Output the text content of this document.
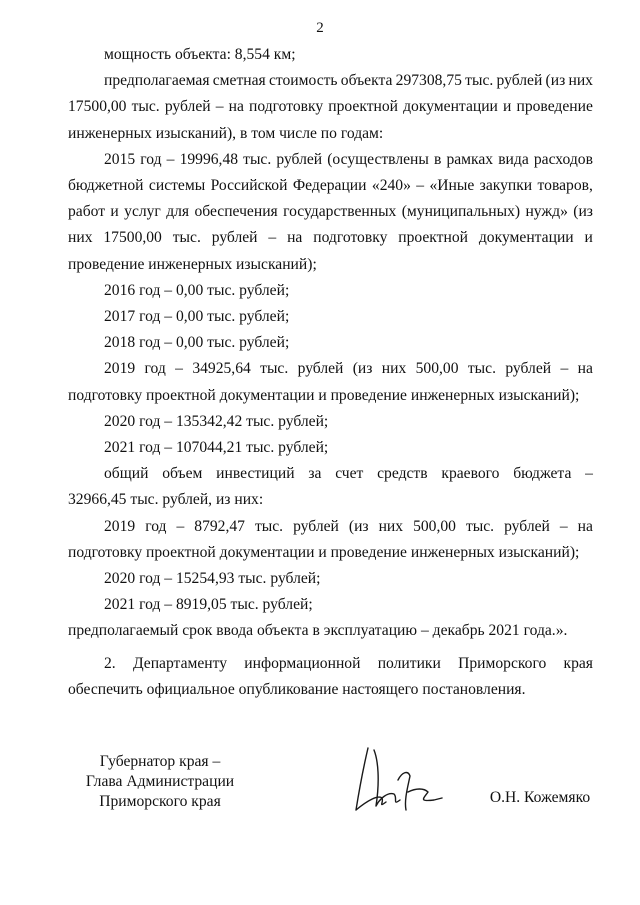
2
мощность объекта: 8,554 км;
предполагаемая сметная стоимость объекта 297308,75 тыс. рублей (из них
17500,00 тыс. рублей – на подготовку проектной документации и проведение
инженерных изысканий), в том числе по годам:
2015 год – 19996,48 тыс. рублей (осуществлены в рамках вида расходов
бюджетной системы Российской Федерации «240» – «Иные закупки товаров,
работ и услуг для обеспечения государственных (муниципальных) нужд» (из
них 17500,00 тыс. рублей – на подготовку проектной документации и
проведение инженерных изысканий);
2016 год – 0,00 тыс. рублей;
2017 год – 0,00 тыс. рублей;
2018 год – 0,00 тыс. рублей;
2019 год – 34925,64 тыс. рублей (из них 500,00 тыс. рублей – на
подготовку проектной документации и проведение инженерных изысканий);
2020 год – 135342,42 тыс. рублей;
2021 год – 107044,21 тыс. рублей;
общий объем инвестиций за счет средств краевого бюджета –
32966,45 тыс. рублей, из них:
2019 год – 8792,47 тыс. рублей (из них 500,00 тыс. рублей – на
подготовку проектной документации и проведение инженерных изысканий);
2020 год – 15254,93 тыс. рублей;
2021 год – 8919,05 тыс. рублей;
предполагаемый срок ввода объекта в эксплуатацию – декабрь 2021 года.».
2. Департаменту информационной политики Приморского края
обеспечить официальное опубликование настоящего постановления.
Губернатор края –
Глава Администрации
Приморского края	О.Н. Кожемяко
